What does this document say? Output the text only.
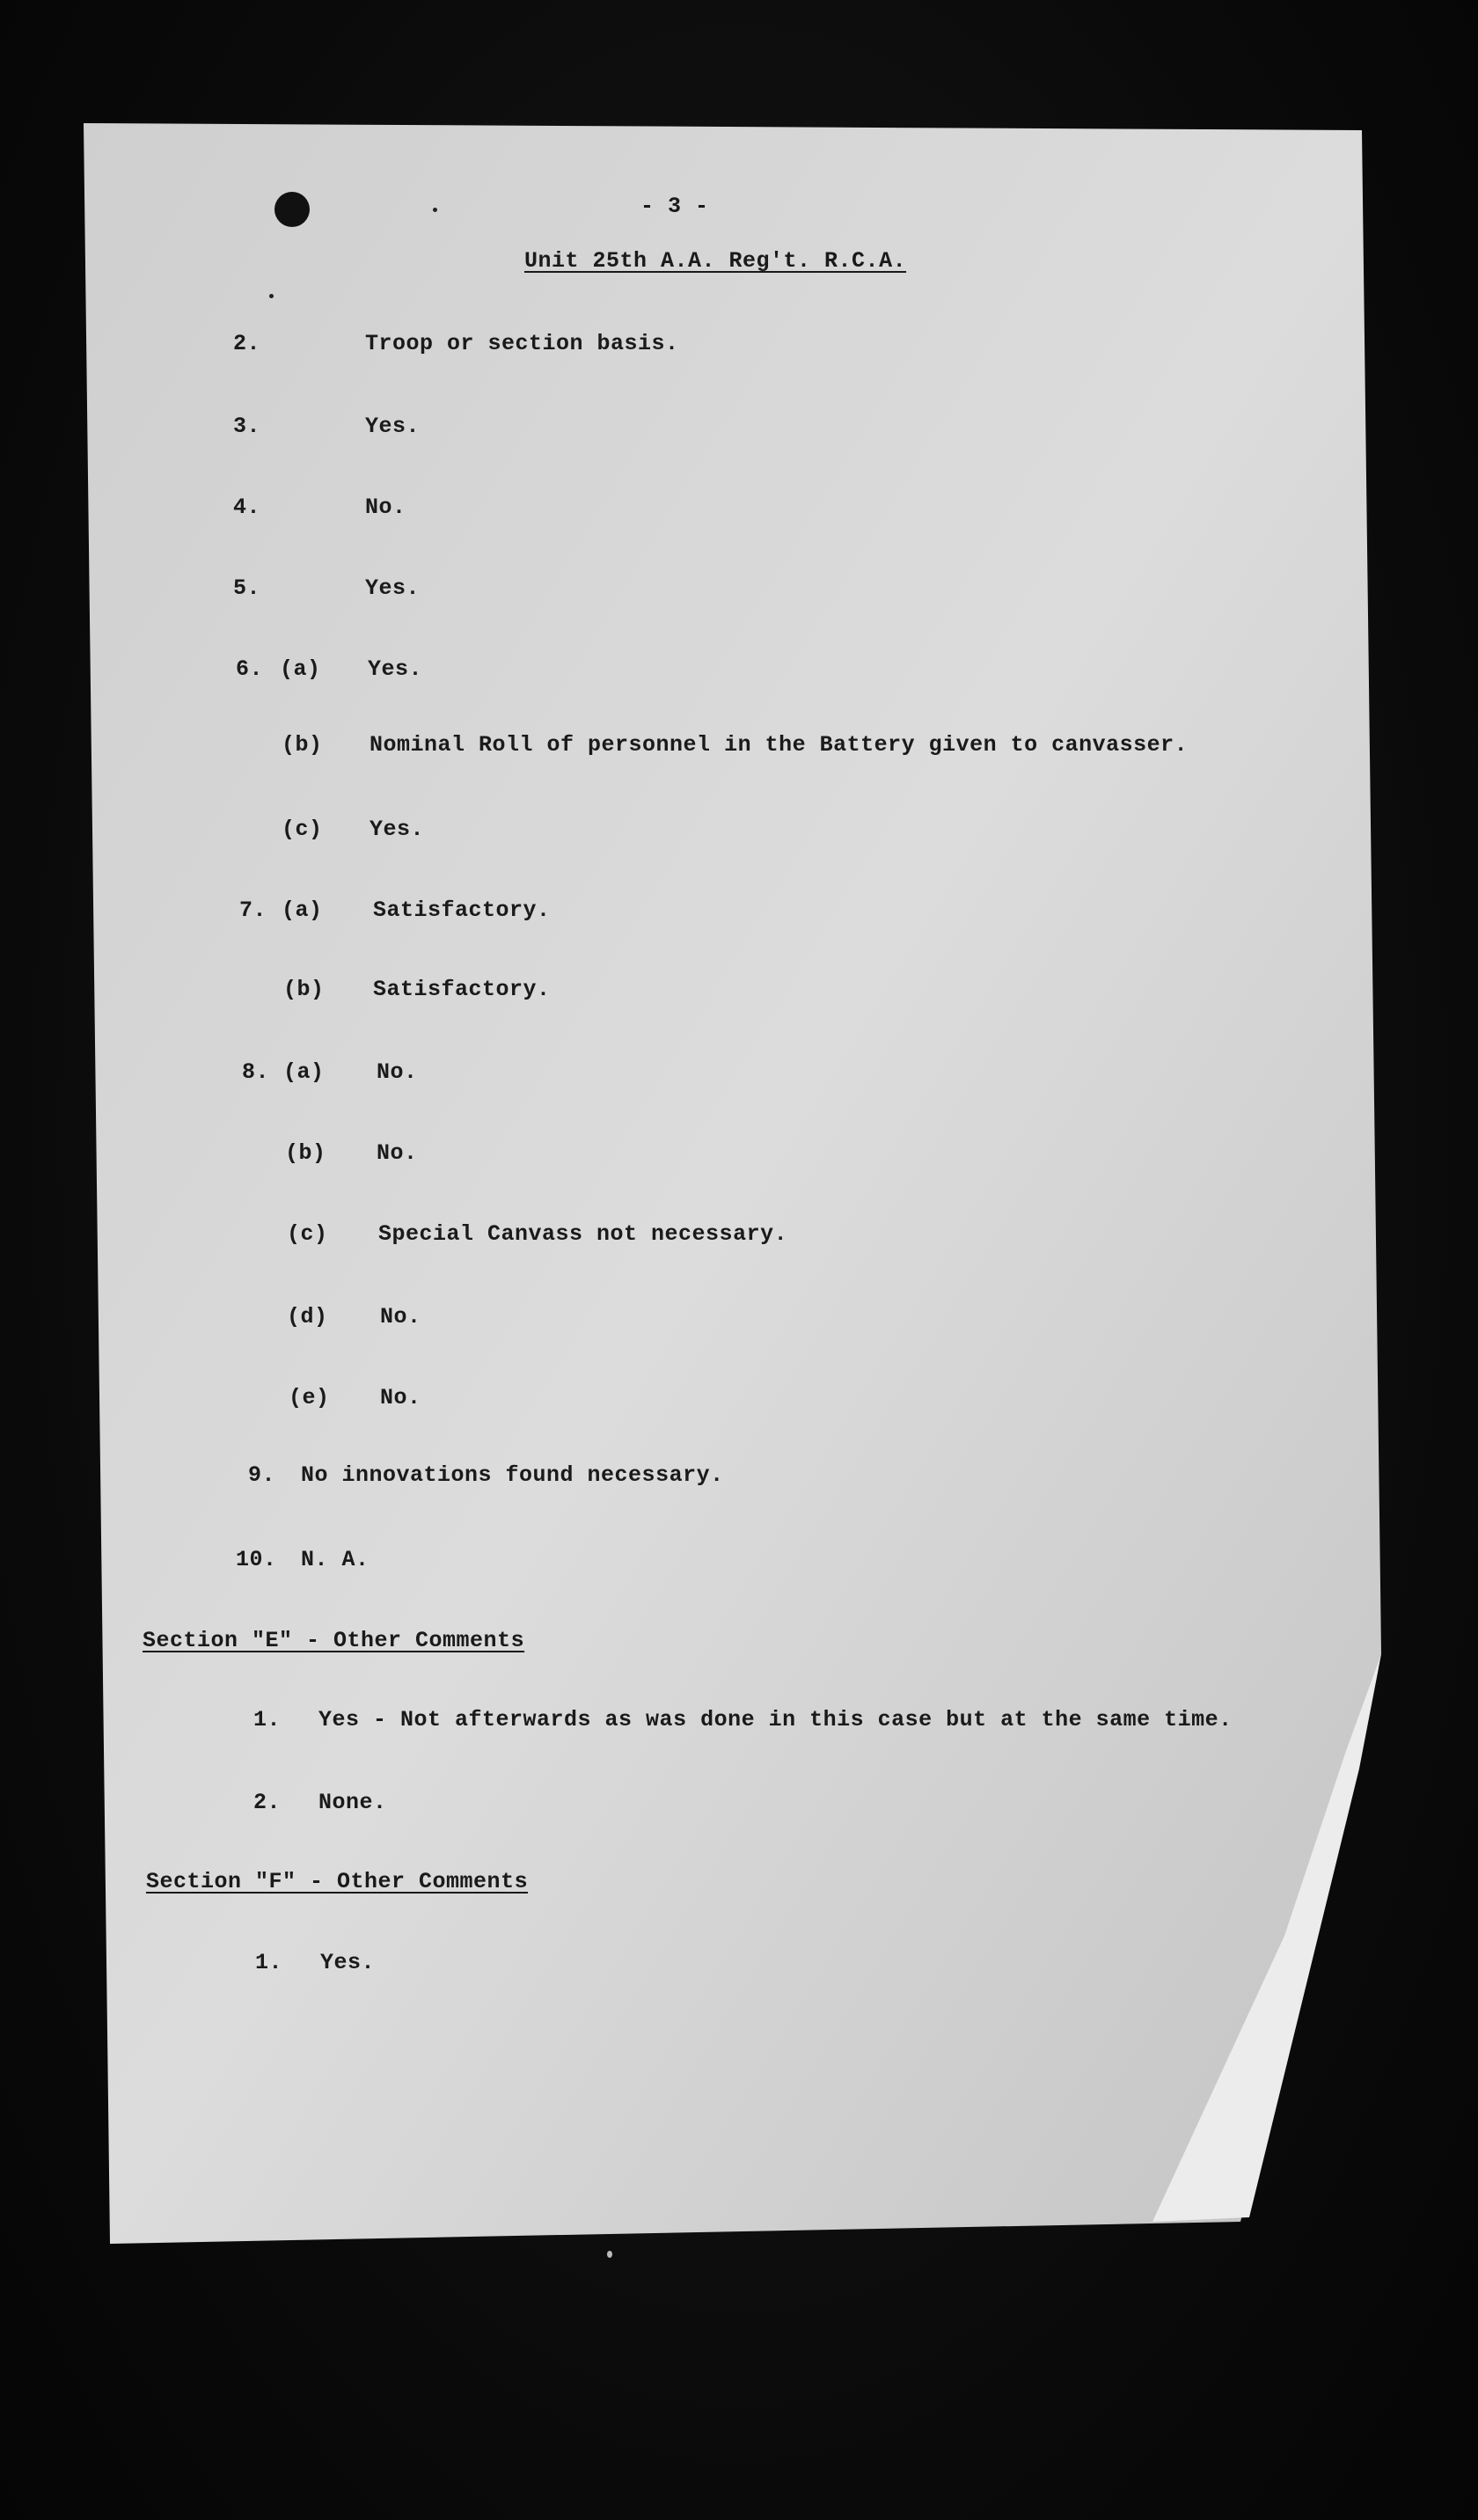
- 3 -
Unit 25th A.A. Reg't. R.C.A.
2.	Troop or section basis.
3.	Yes.
4.	No.
5.	Yes.
6. (a) Yes.
(b) Nominal Roll of personnel in the Battery given to canvasser.
(c) Yes.
7. (a) Satisfactory.
(b) Satisfactory.
8. (a) No.
(b) No.
(c) Special Canvass not necessary.
(d) No.
(e) No.
9. No innovations found necessary.
10. N. A.
Section "E" - Other Comments
1. Yes - Not afterwards as was done in this case but at the same time.
2. None.
Section "F" - Other Comments
1. Yes.
